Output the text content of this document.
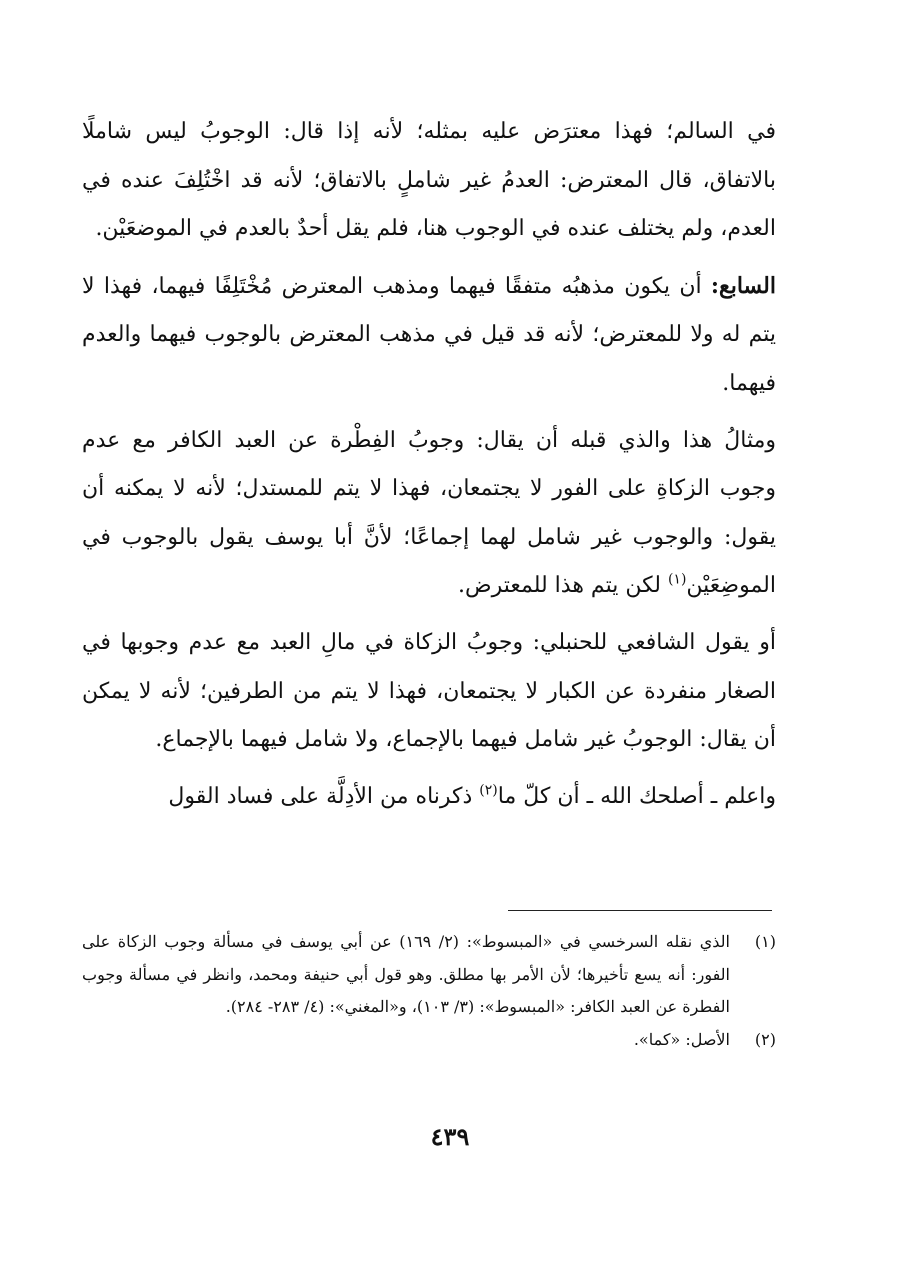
في السالم؛ فهذا معترَض عليه بمثله؛ لأنه إذا قال: الوجوبُ ليس شاملًا بالاتفاق، قال المعترض: العدمُ غير شاملٍ بالاتفاق؛ لأنه قد اخْتُلِفَ عنده في العدم، ولم يختلف عنده في الوجوب هنا، فلم يقل أحدٌ بالعدم في الموضعَيْن.

السابع: أن يكون مذهبُه متفقًا فيهما ومذهب المعترض مُخْتَلِفًا فيهما، فهذا لا يتم له ولا للمعترض؛ لأنه قد قيل في مذهب المعترض بالوجوب فيهما والعدم فيهما.

ومثالُ هذا والذي قبله أن يقال: وجوبُ الفِطْرة عن العبد الكافر مع عدم وجوب الزكاةِ على الفور لا يجتمعان، فهذا لا يتم للمستدل؛ لأنه لا يمكنه أن يقول: والوجوب غير شامل لهما إجماعًا؛ لأنَّ أبا يوسف يقول بالوجوب في الموضِعَيْن$^{(١)}$ لكن يتم هذا للمعترض.

أو يقول الشافعي للحنبلي: وجوبُ الزكاة في مالِ العبد مع عدم وجوبها في الصغار منفردة عن الكبار لا يجتمعان، فهذا لا يتم من الطرفين؛ لأنه لا يمكن أن يقال: الوجوبُ غير شامل فيهما بالإجماع، ولا شامل فيهما بالإجماع.

واعلم ـ أصلحك الله ـ أن كلّ ما$^{(٢)}$ ذكرناه من الأدِلَّة على فساد القول

(١)
الذي نقله السرخسي في «المبسوط»: (٢/ ١٦٩) عن أبي يوسف في مسألة وجوب الزكاة على الفور: أنه يسع تأخيرها؛ لأن الأمر بها مطلق. وهو قول أبي حنيفة ومحمد، وانظر في مسألة وجوب الفطرة عن العبد الكافر: «المبسوط»: (٣/ ١٠٣)، و«المغني»: (٤/ ٢٨٣- ٢٨٤).
(٢)
الأصل: «كما».
٤٣٩
